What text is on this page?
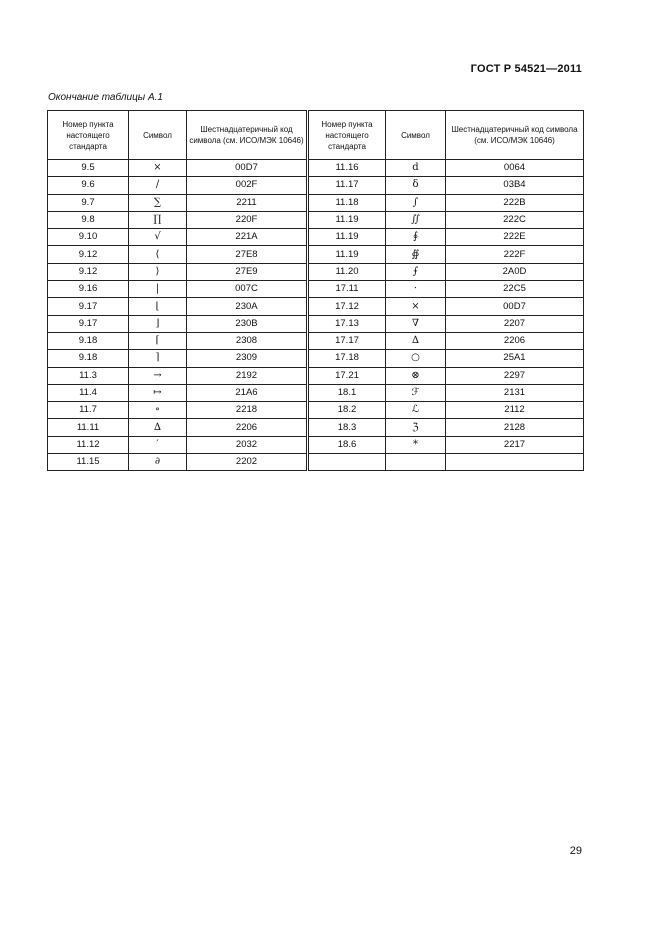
ГОСТ Р 54521—2011
Окончание таблицы А.1
Номер пункта настоящего стандарта	Символ	Шестнадцатеричный код символа (см. ИСО/МЭК 10646)	Номер пункта настоящего стандарта	Символ	Шестнадцатеричный код символа (см. ИСО/МЭК 10646)
9.5	×	00D7	11.16	d	0064
9.6	/	002F	11.17	δ	03B4
9.7	∑	2211	11.18	∫	222B
9.8	∏	220F	11.19	∬	222C
9.10	√	221A	11.19	∮	222E
9.12	⟨	27E8	11.19	∯	222F
9.12	⟩	27E9	11.20	⨍	2A0D
9.16	|	007C	17.11	⋅	22C5
9.17	⌊	230A	17.12	×	00D7
9.17	⌋	230B	17.13	∇	2207
9.18	⌈	2308	17.17	∆	2206
9.18	⌉	2309	17.18	○	25A1
11.3	→	2192	17.21	⊗	2297
11.4	↦	21A6	18.1	ℱ	2131
11.7	∘	2218	18.2	ℒ	2112
11.11	∆	2206	18.3	ℨ	2128
11.12	′	2032	18.6	*	2217
11.15	∂	2202			
29
